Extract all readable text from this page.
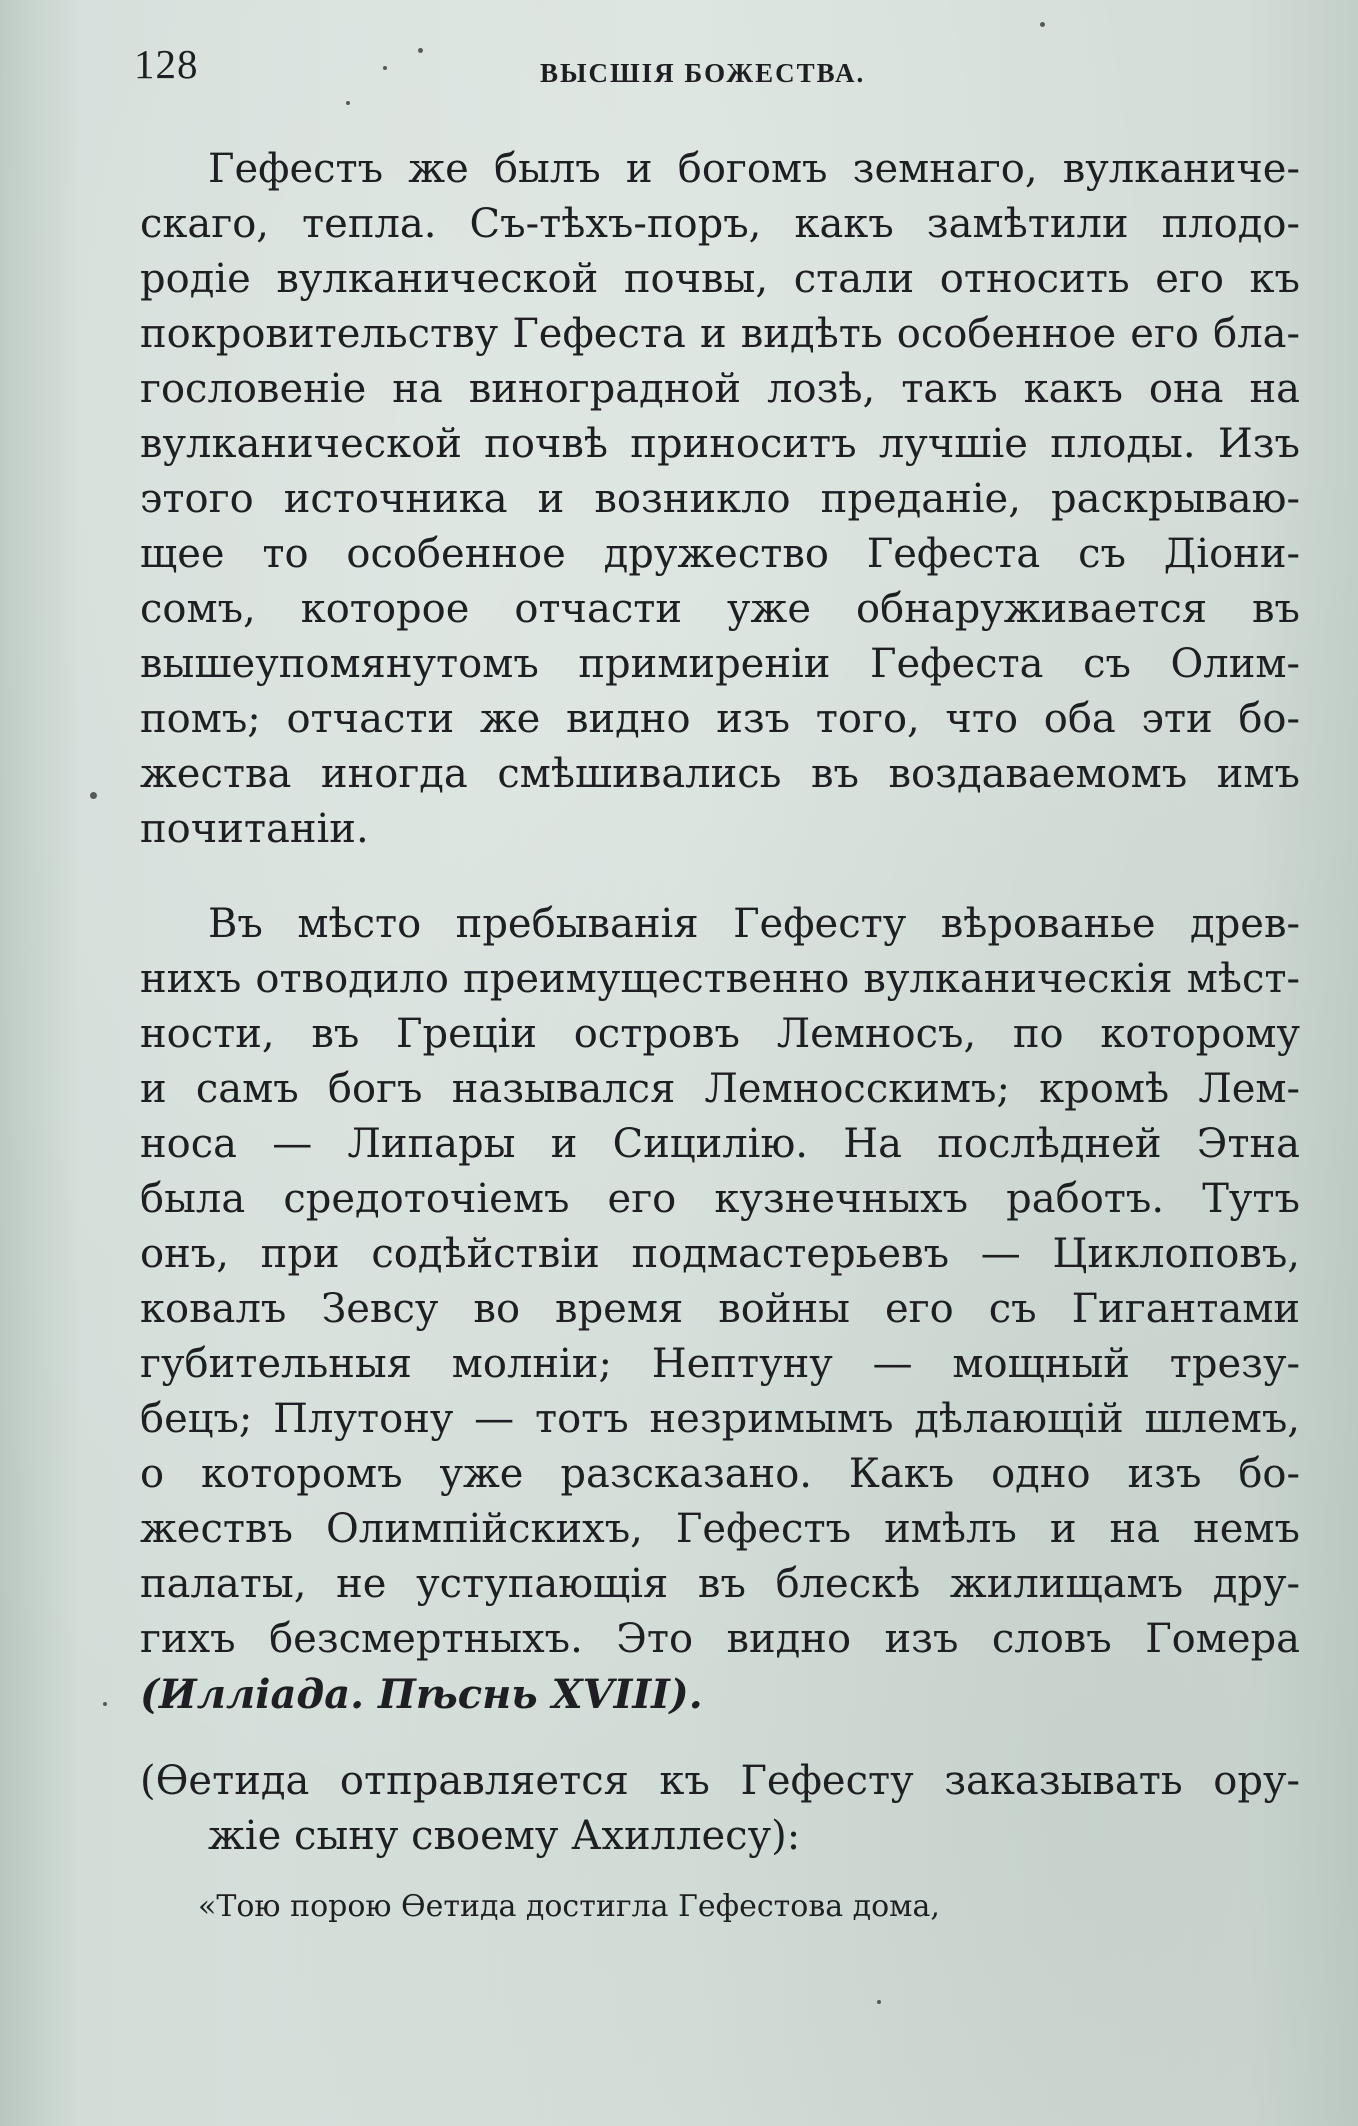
128	ВЫСШІЯ БОЖЕСТВА.
Гефестъ же былъ и богомъ земнаго, вулканиче-
скаго, тепла. Съ-тѣхъ-поръ, какъ замѣтили плодо-
родіе вулканической почвы, стали относить его къ
покровительству Гефеста и видѣть особенное его бла-
гословеніе на виноградной лозѣ, такъ какъ она на
вулканической почвѣ приноситъ лучшіе плоды. Изъ
этого источника и возникло преданіе, раскрываю-
щее то особенное дружество Гефеста съ Діони-
сомъ, которое отчасти уже обнаруживается въ
вышеупомянутомъ примиреніи Гефеста съ Олим-
помъ; отчасти же видно изъ того, что оба эти бо-
жества иногда смѣшивались въ воздаваемомъ имъ
почитаніи.
Въ мѣсто пребыванія Гефесту вѣрованье древ-
нихъ отводило преимущественно вулканическія мѣст-
ности, въ Греціи островъ Лемносъ, по которому
и самъ богъ назывался Лемносскимъ; кромѣ Лем-
носа — Липары и Сицилію. На послѣдней Этна
была средоточіемъ его кузнечныхъ работъ. Тутъ
онъ, при содѣйствіи подмастерьевъ — Циклоповъ,
ковалъ Зевсу во время войны его съ Гигантами
губительныя молніи; Нептуну — мощный трезу-
бецъ; Плутону — тотъ незримымъ дѣлающій шлемъ,
о которомъ уже разсказано. Какъ одно изъ бо-
жествъ Олимпійскихъ, Гефестъ имѣлъ и на немъ
палаты, не уступающія въ блескѣ жилищамъ дру-
гихъ безсмертныхъ. Это видно изъ словъ Гомера
(Илліада. Пѣснь XVIII).
(Ѳетида отправляется къ Гефесту заказывать ору-
жіе сыну своему Ахиллесу):
«Тою порою Ѳетида достигла Гефестова дома,
